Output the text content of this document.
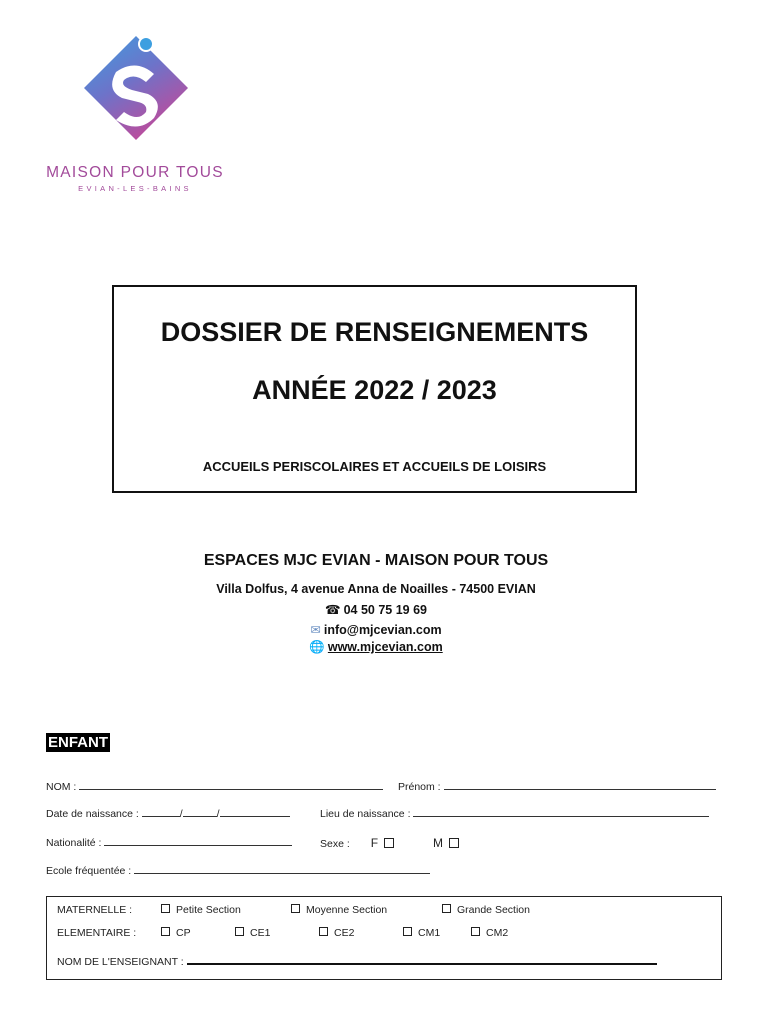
MAISON POUR TOUS
EVIAN-LES-BAINS
DOSSIER DE RENSEIGNEMENTS
ANNÉE 2022 / 2023
ACCUEILS PERISCOLAIRES ET ACCUEILS DE LOISIRS
ESPACES MJC EVIAN - MAISON POUR TOUS
Villa Dolfus, 4 avenue Anna de Noailles - 74500 EVIAN
☎ 04 50 75 19 69
✉ info@mjcevian.com
🌐 www.mjcevian.com
ENFANT
NOM :	Prénom :
Date de naissance :	/	/	Lieu de naissance :
Nationalité :	Sexe : F	M
Ecole fréquentée :
MATERNELLE :	Petite Section	Moyenne Section	Grande Section
ELEMENTAIRE :	CP	CE1	CE2	CM1	CM2
NOM DE L'ENSEIGNANT :
